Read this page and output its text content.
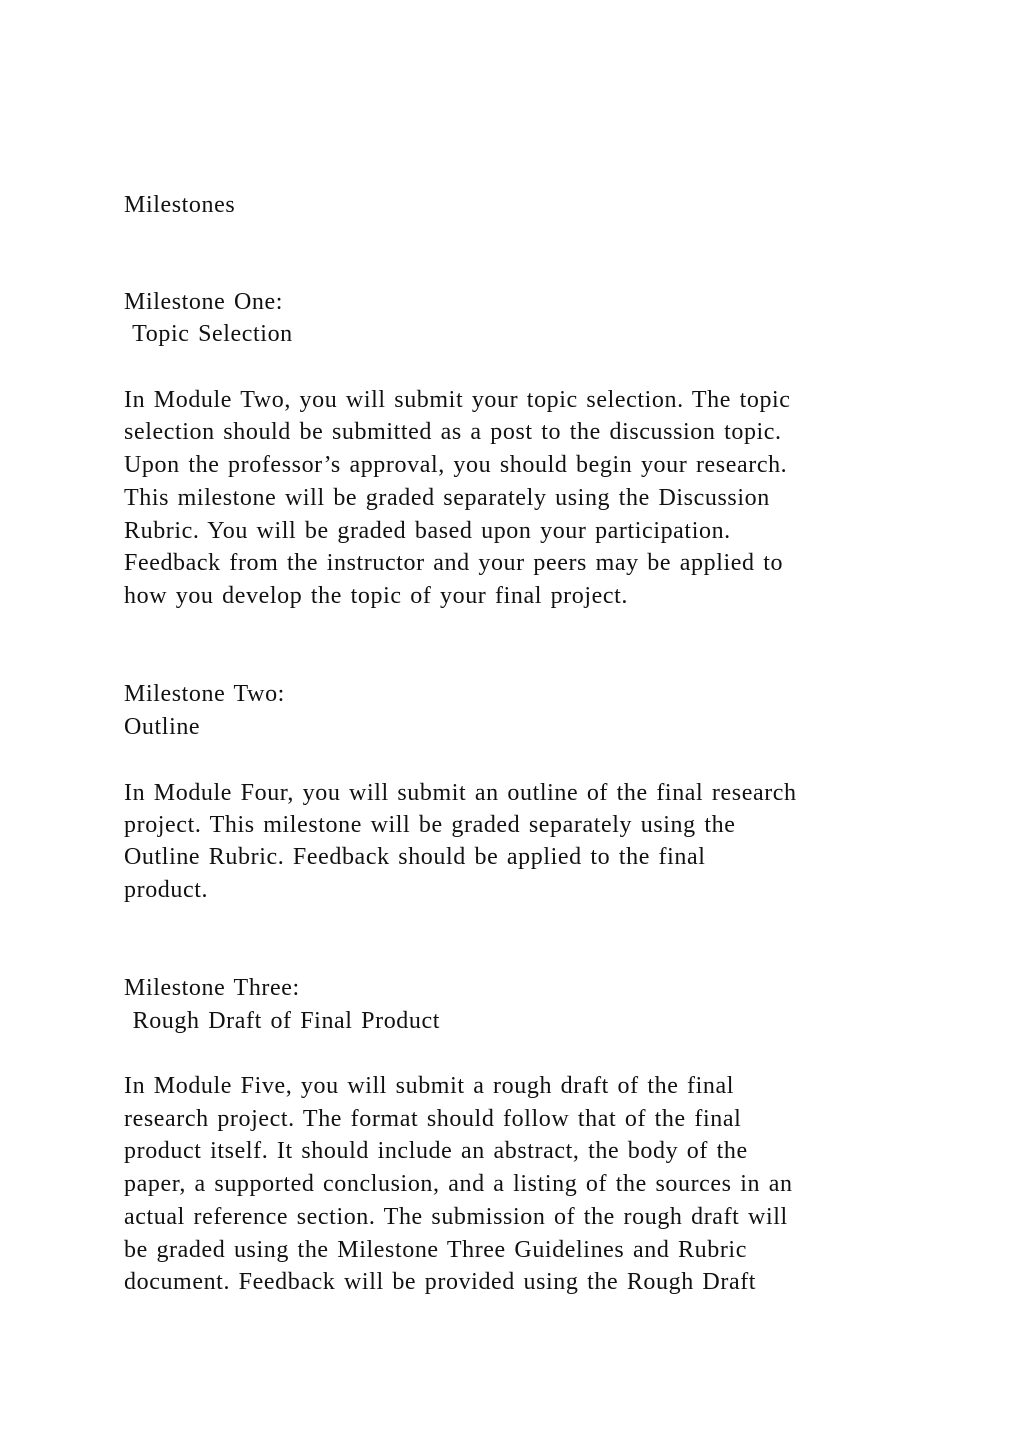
Milestones
Milestone One:
Topic Selection
In Module Two, you will submit your topic selection. The topic
selection should be submitted as a post to the discussion topic.
Upon the professor’s approval, you should begin your research.
This milestone will be graded separately using the Discussion
Rubric. You will be graded based upon your participation.
Feedback from the instructor and your peers may be applied to
how you develop the topic of your final project.
Milestone Two:
Outline
In Module Four, you will submit an outline of the final research
project. This milestone will be graded separately using the
Outline Rubric. Feedback should be applied to the final
product.
Milestone Three:
Rough Draft of Final Product
In Module Five, you will submit a rough draft of the final
research project. The format should follow that of the final
product itself. It should include an abstract, the body of the
paper, a supported conclusion, and a listing of the sources in an
actual reference section. The submission of the rough draft will
be graded using the Milestone Three Guidelines and Rubric
document. Feedback will be provided using the Rough Draft
